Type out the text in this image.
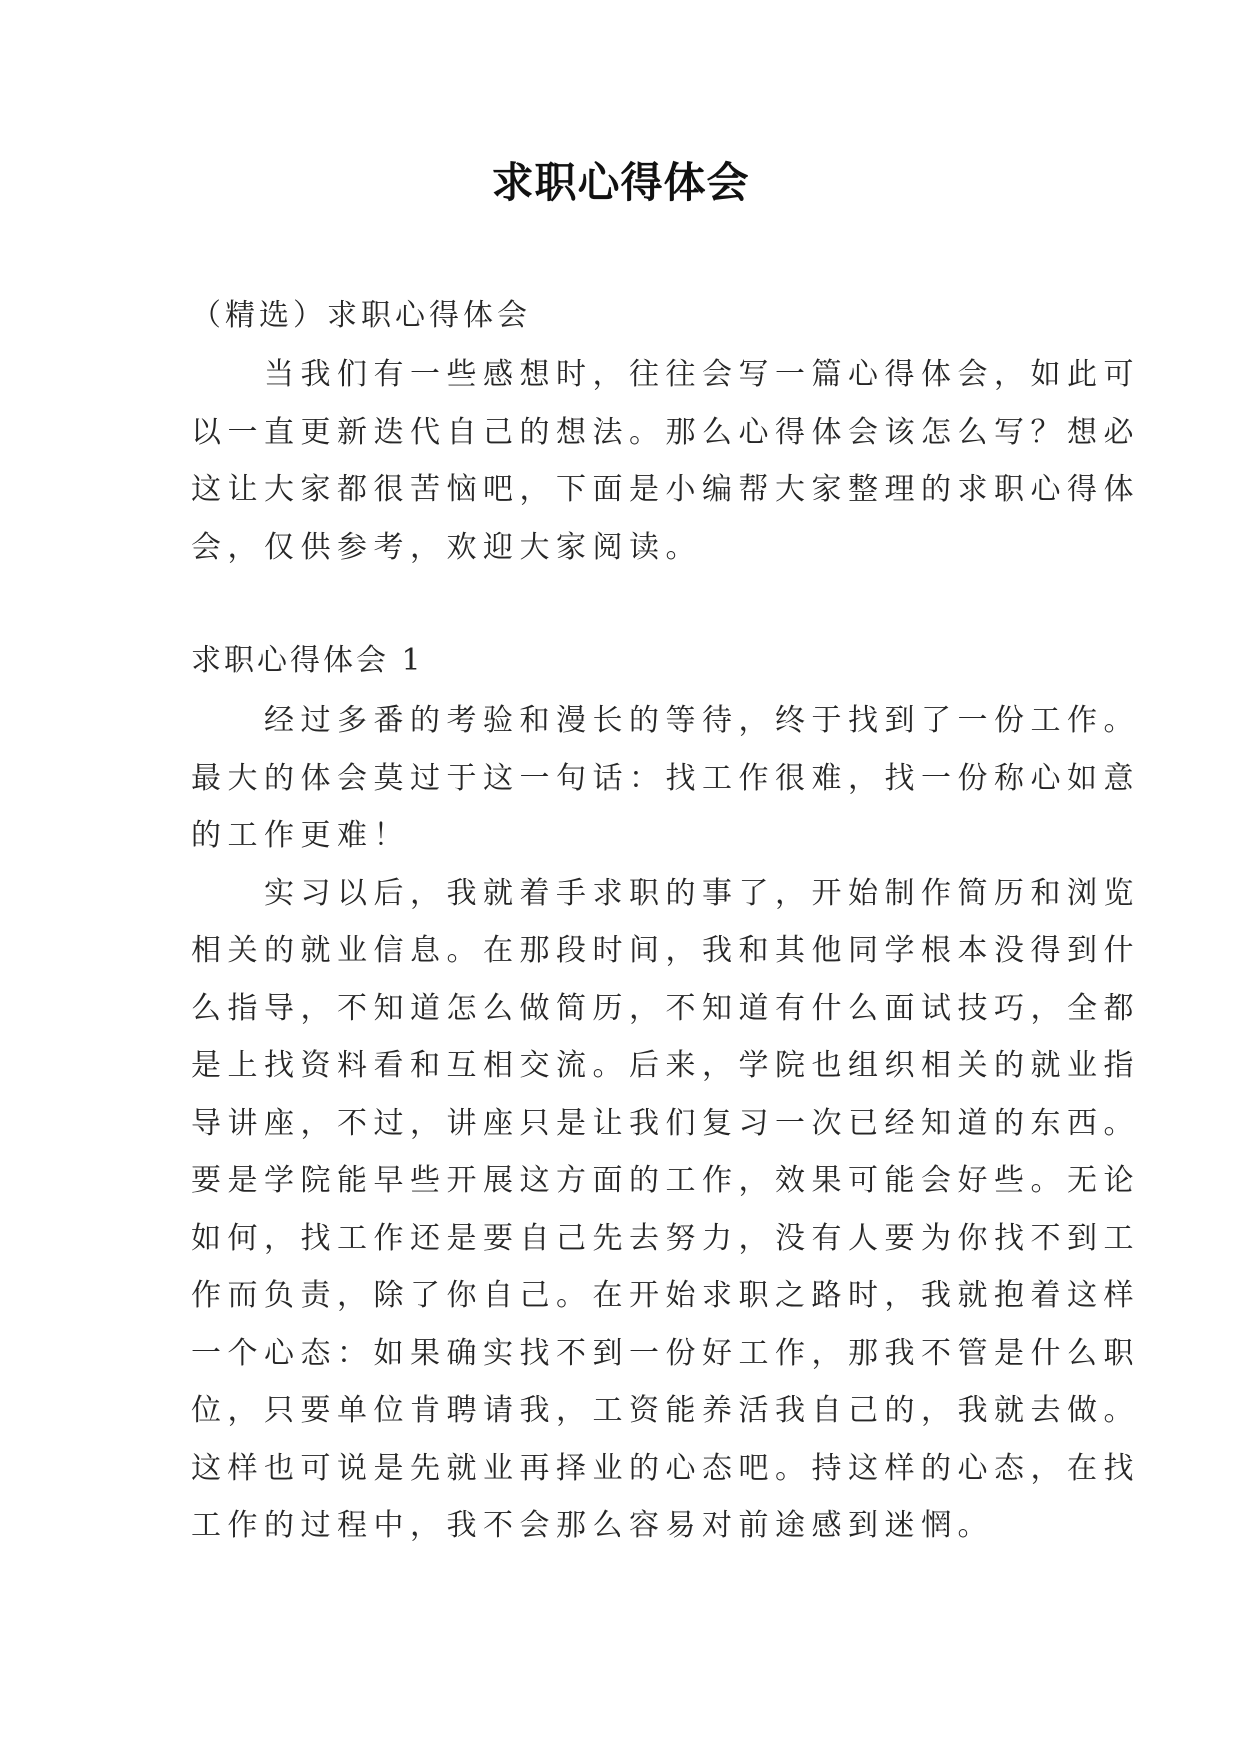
求职心得体会
（精选）求职心得体会
　　当我们有一些感想时，往往会写一篇心得体会，如此可
以一直更新迭代自己的想法。那么心得体会该怎么写？想必
这让大家都很苦恼吧，下面是小编帮大家整理的求职心得体
会，仅供参考，欢迎大家阅读。
求职心得体会 1
　　经过多番的考验和漫长的等待，终于找到了一份工作。
最大的体会莫过于这一句话：找工作很难，找一份称心如意
的工作更难！
　　实习以后，我就着手求职的事了，开始制作简历和浏览
相关的就业信息。在那段时间，我和其他同学根本没得到什
么指导，不知道怎么做简历，不知道有什么面试技巧，全都
是上找资料看和互相交流。后来，学院也组织相关的就业指
导讲座，不过，讲座只是让我们复习一次已经知道的东西。
要是学院能早些开展这方面的工作，效果可能会好些。无论
如何，找工作还是要自己先去努力，没有人要为你找不到工
作而负责，除了你自己。在开始求职之路时，我就抱着这样
一个心态：如果确实找不到一份好工作，那我不管是什么职
位，只要单位肯聘请我，工资能养活我自己的，我就去做。
这样也可说是先就业再择业的心态吧。持这样的心态，在找
工作的过程中，我不会那么容易对前途感到迷惘。
